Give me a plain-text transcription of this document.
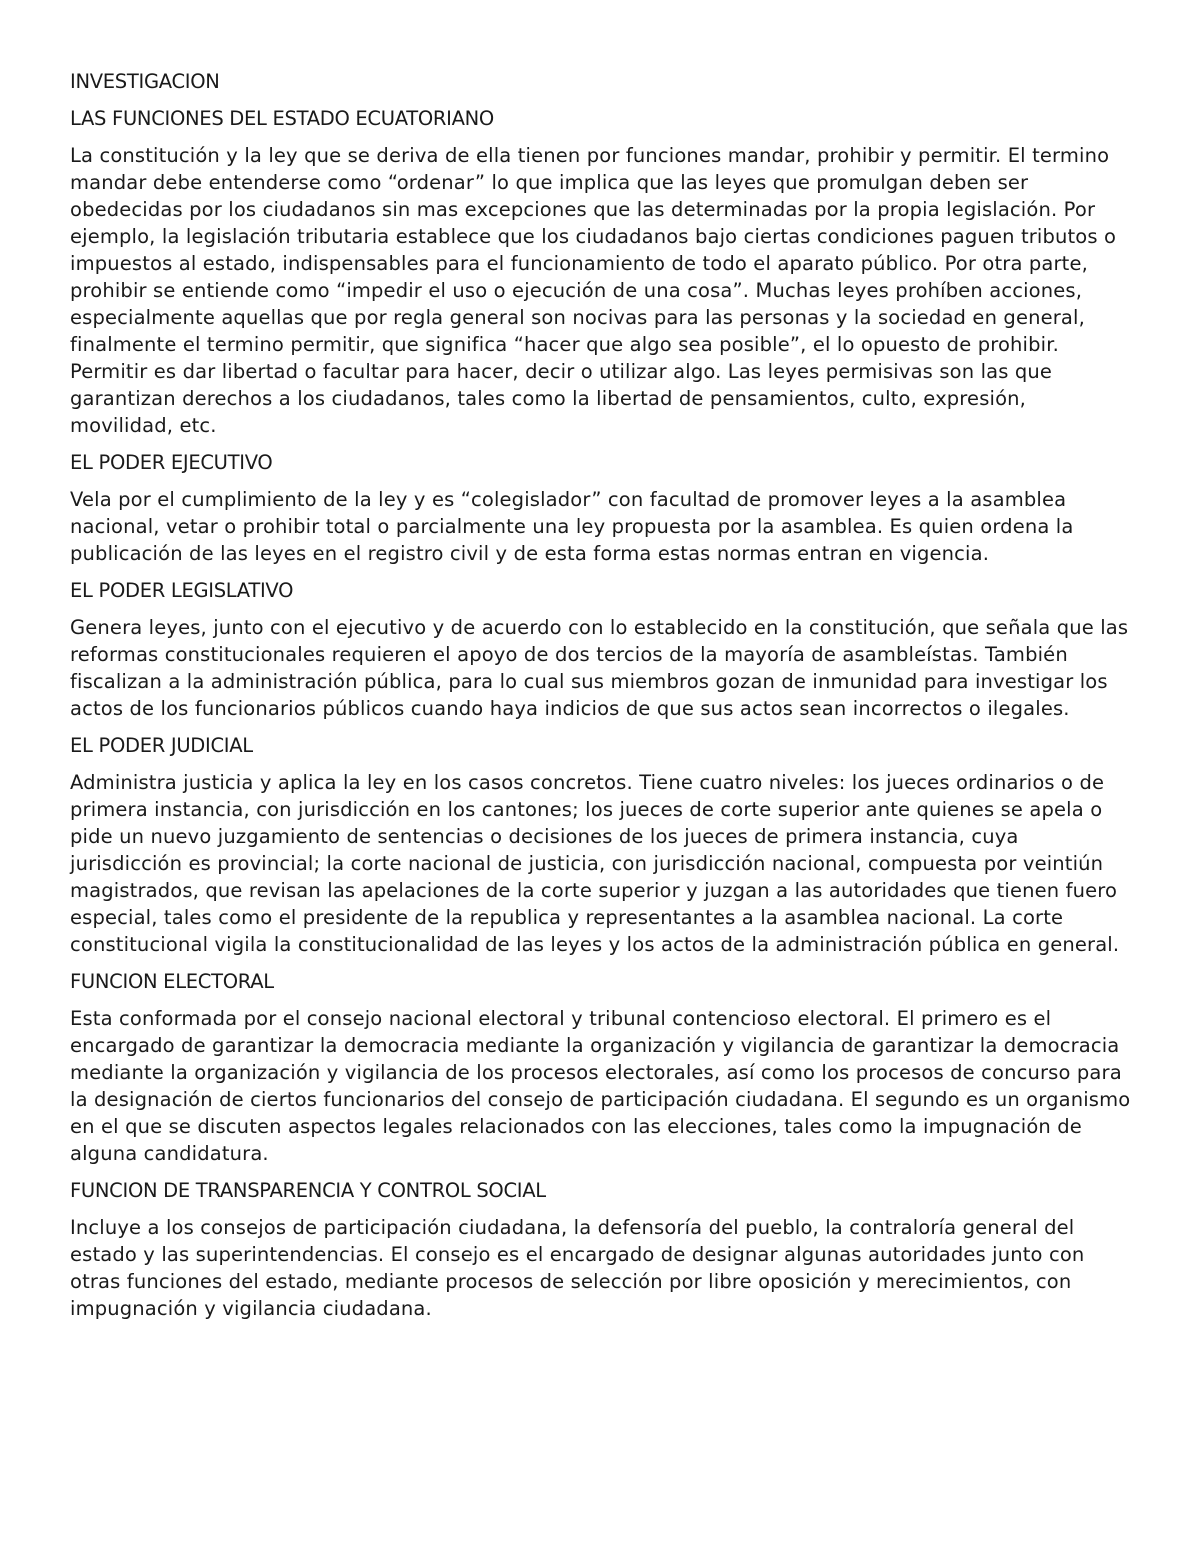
INVESTIGACION
LAS FUNCIONES DEL ESTADO ECUATORIANO
La constitución y la ley que se deriva de ella tienen por funciones mandar, prohibir y permitir. El termino mandar debe entenderse como “ordenar” lo que implica que las leyes que promulgan deben ser obedecidas por los ciudadanos sin mas excepciones que las determinadas por la propia legislación. Por ejemplo, la legislación tributaria establece que los ciudadanos bajo ciertas condiciones paguen tributos o impuestos al estado, indispensables para el funcionamiento de todo el aparato público. Por otra parte, prohibir se entiende como “impedir el uso o ejecución de una cosa”. Muchas leyes prohíben acciones, especialmente aquellas que por regla general son nocivas para las personas y la sociedad en general, finalmente el termino permitir, que significa “hacer que algo sea posible”, el lo opuesto de prohibir. Permitir es dar libertad o facultar para hacer, decir o utilizar algo. Las leyes permisivas son las que garantizan derechos a los ciudadanos, tales como la libertad de pensamientos, culto, expresión, movilidad, etc.
EL PODER EJECUTIVO
Vela por el cumplimiento de la ley y es “colegislador” con facultad de promover leyes a la asamblea nacional, vetar o prohibir total o parcialmente una ley propuesta por la asamblea. Es quien ordena la publicación de las leyes en el registro civil y de esta forma estas normas entran en vigencia.
EL PODER LEGISLATIVO
Genera leyes, junto con el ejecutivo y de acuerdo con lo establecido en la constitución, que señala que las reformas constitucionales requieren el apoyo de dos tercios de la mayoría de asambleístas. También fiscalizan a la administración pública, para lo cual sus miembros gozan de inmunidad para investigar los actos de los funcionarios públicos cuando haya indicios de que sus actos sean incorrectos o ilegales.
EL PODER JUDICIAL
Administra justicia y aplica la ley en los casos concretos. Tiene cuatro niveles: los jueces ordinarios o de primera instancia, con jurisdicción en los cantones; los jueces de corte superior ante quienes se apela o pide un nuevo juzgamiento de sentencias o decisiones de los jueces de primera instancia, cuya jurisdicción es provincial; la corte nacional de justicia, con jurisdicción nacional, compuesta por veintiún magistrados, que revisan las apelaciones de la corte superior y juzgan a las autoridades que tienen fuero especial, tales como el presidente de la republica y representantes a la asamblea nacional. La corte constitucional vigila la constitucionalidad de las leyes y los actos de la administración pública en general.
FUNCION ELECTORAL
Esta conformada por el consejo nacional electoral y tribunal contencioso electoral. El primero es el encargado de garantizar la democracia mediante la organización y vigilancia de garantizar la democracia mediante la organización y vigilancia de los procesos electorales, así como los procesos de concurso para la designación de ciertos funcionarios del consejo de participación ciudadana. El segundo es un organismo en el que se discuten aspectos legales relacionados con las elecciones, tales como la impugnación de alguna candidatura.
FUNCION DE TRANSPARENCIA Y CONTROL SOCIAL
Incluye a los consejos de participación ciudadana, la defensoría del pueblo, la contraloría general del estado y las superintendencias. El consejo es el encargado de designar algunas autoridades junto con otras funciones del estado, mediante procesos de selección por libre oposición y merecimientos, con impugnación y vigilancia ciudadana.
